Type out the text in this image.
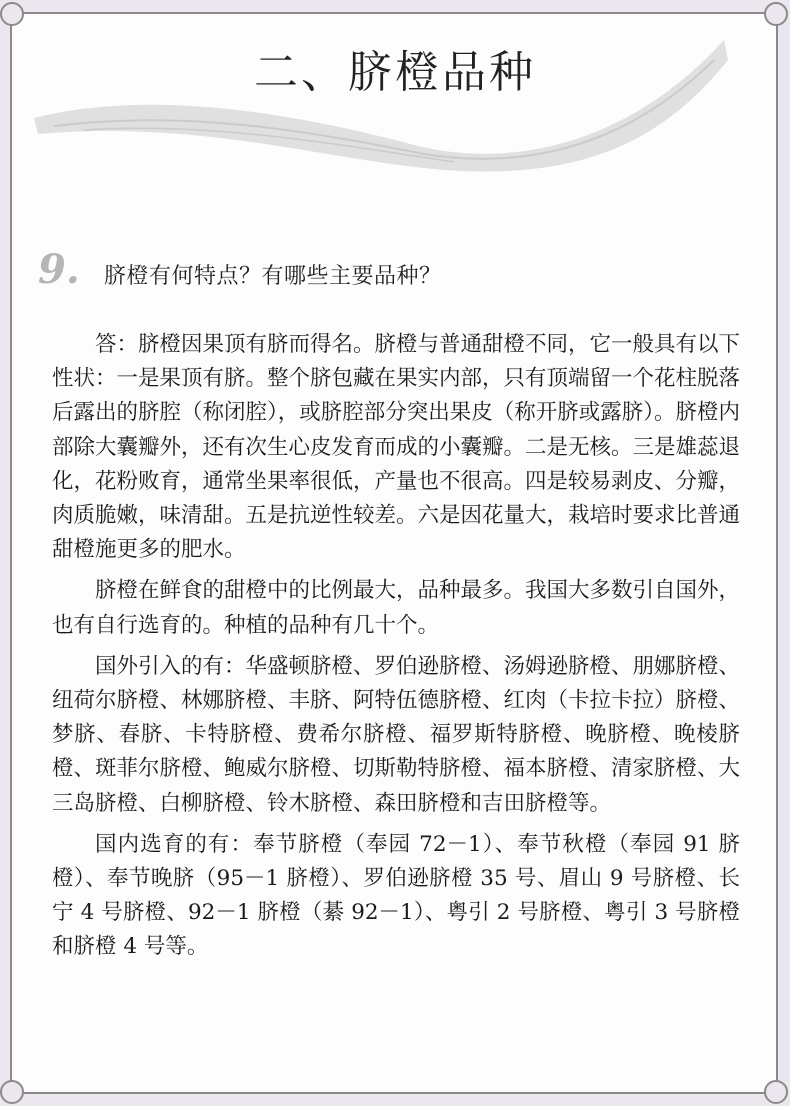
二、脐橙品种
9.	脐橙有何特点？有哪些主要品种？

答：脐橙因果顶有脐而得名。脐橙与普通甜橙不同，它一般具有以下性状：一是果顶有脐。整个脐包藏在果实内部，只有顶端留一个花柱脱落后露出的脐腔（称闭腔），或脐腔部分突出果皮（称开脐或露脐）。脐橙内部除大囊瓣外，还有次生心皮发育而成的小囊瓣。二是无核。三是雄蕊退化，花粉败育，通常坐果率很低，产量也不很高。四是较易剥皮、分瓣，肉质脆嫩，味清甜。五是抗逆性较差。六是因花量大，栽培时要求比普通甜橙施更多的肥水。

脐橙在鲜食的甜橙中的比例最大，品种最多。我国大多数引自国外，也有自行选育的。种植的品种有几十个。

国外引入的有：华盛顿脐橙、罗伯逊脐橙、汤姆逊脐橙、朋娜脐橙、纽荷尔脐橙、林娜脐橙、丰脐、阿特伍德脐橙、红肉（卡拉卡拉）脐橙、梦脐、春脐、卡特脐橙、费希尔脐橙、福罗斯特脐橙、晚脐橙、晚棱脐橙、斑菲尔脐橙、鲍威尔脐橙、切斯勒特脐橙、福本脐橙、清家脐橙、大三岛脐橙、白柳脐橙、铃木脐橙、森田脐橙和吉田脐橙等。

国内选育的有：奉节脐橙（奉园 72－1）、奉节秋橙（奉园 91 脐橙）、奉节晚脐（95－1 脐橙）、罗伯逊脐橙 35 号、眉山 9 号脐橙、长宁 4 号脐橙、92－1 脐橙（綦 92－1）、粤引 2 号脐橙、粤引 3 号脐橙和脐橙 4 号等。
